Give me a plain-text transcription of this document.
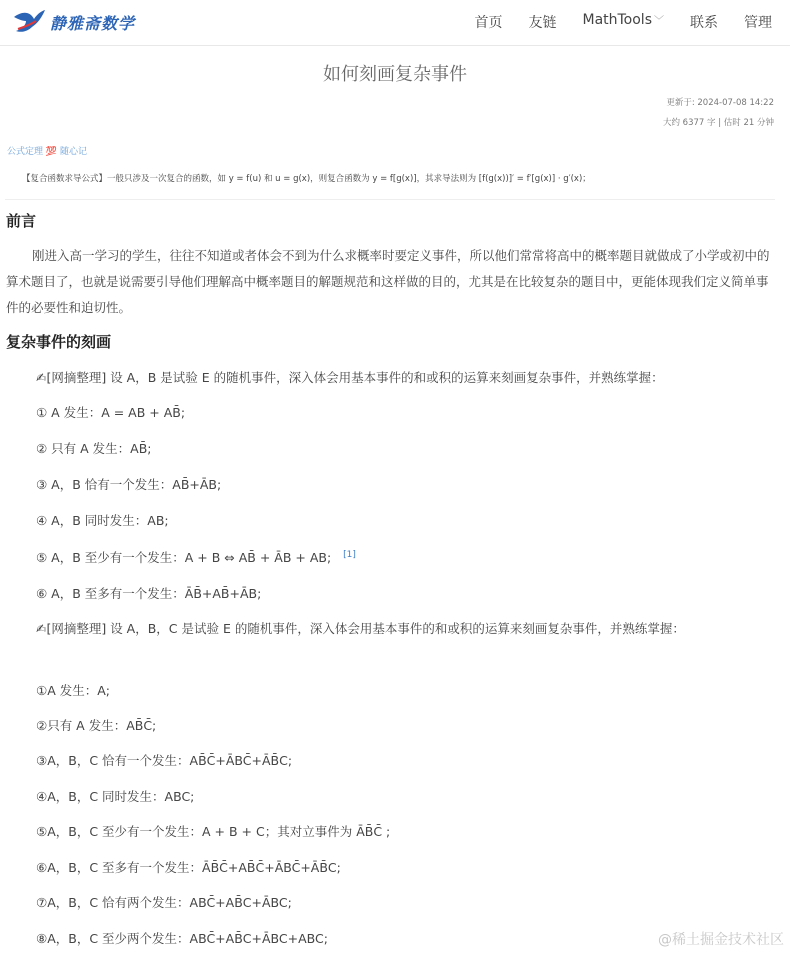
静雅斋数学	首页 友链 MathTools ﹀ 联系 管理
如何刻画复杂事件
更新于: 2024-07-08 14:22
大约 6377 字 | 估时 21 分钟
公式定理 💯 随心记
【复合函数求导公式】一般只涉及一次复合的函数，如 y = f(u) 和 u = g(x)，则复合函数为 y = f[g(x)]，其求导法则为 [f(g(x))]′ = f′[g(x)] · g′(x)；
前言
刚进入高一学习的学生，往往不知道或者体会不到为什么求概率时要定义事件，所以他们常常将高中的概率题目就做成了小学或初中的算术题目了，也就是说需要引导他们理解高中概率题目的解题规范和这样做的目的，尤其是在比较复杂的题目中，更能体现我们定义简单事件的必要性和迫切性。
复杂事件的刻画
✍[网摘整理] 设 A，B 是试验 E 的随机事件，深入体会用基本事件的和或积的运算来刻画复杂事件，并熟练掌握：
① A 发生：A = AB + AB̄;
② 只有 A 发生：AB̄;
③ A，B 恰有一个发生：AB̄+ĀB;
④ A，B 同时发生：AB;
⑤ A，B 至少有一个发生：A + B ⇔ AB̄ + ĀB + AB; [1]
⑥ A，B 至多有一个发生：ĀB̄+AB̄+ĀB;
✍[网摘整理] 设 A，B，C 是试验 E 的随机事件，深入体会用基本事件的和或积的运算来刻画复杂事件，并熟练掌握：
①A 发生：A;
②只有 A 发生：AB̄C̄;
③A，B，C 恰有一个发生：AB̄C̄+ĀBC̄+ĀB̄C;
④A，B，C 同时发生：ABC;
⑤A，B，C 至少有一个发生：A + B + C；其对立事件为 ĀB̄C̄ ;
⑥A，B，C 至多有一个发生：ĀB̄C̄+AB̄C̄+ĀBC̄+ĀB̄C;
⑦A，B，C 恰有两个发生：ABC̄+AB̄C+ĀBC;
⑧A，B，C 至少两个发生：ABC̄+AB̄C+ĀBC+ABC;	@稀土掘金技术社区
